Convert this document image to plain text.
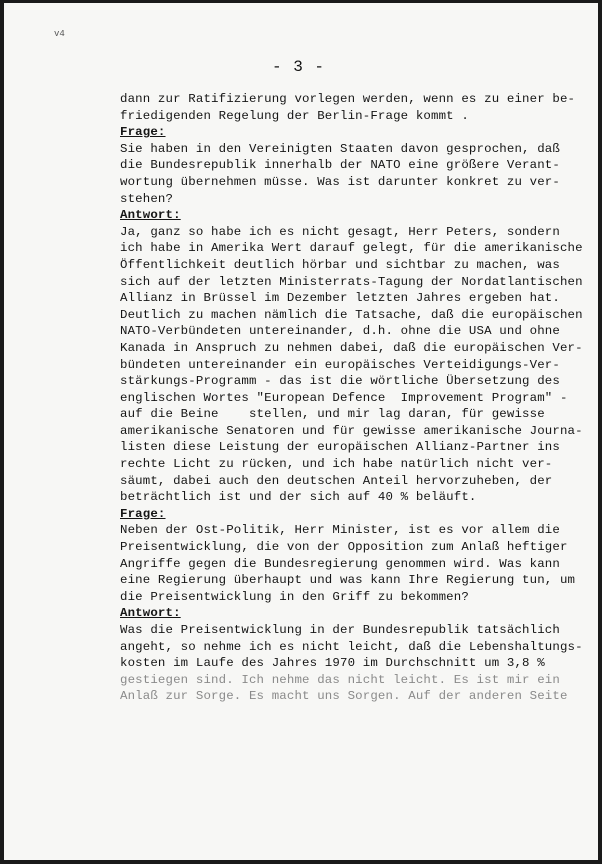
v4
- 3 -
dann zur Ratifizierung vorlegen werden, wenn es zu einer be-
friedigenden Regelung der Berlin-Frage kommt .
Frage:
Sie haben in den Vereinigten Staaten davon gesprochen, daß
die Bundesrepublik innerhalb der NATO eine größere Verant-
wortung übernehmen müsse. Was ist darunter konkret zu ver-
stehen?
Antwort:
Ja, ganz so habe ich es nicht gesagt, Herr Peters, sondern
ich habe in Amerika Wert darauf gelegt, für die amerikanische
Öffentlichkeit deutlich hörbar und sichtbar zu machen, was
sich auf der letzten Ministerrats-Tagung der Nordatlantischen
Allianz in Brüssel im Dezember letzten Jahres ergeben hat.
Deutlich zu machen nämlich die Tatsache, daß die europäischen
NATO-Verbündeten untereinander, d.h. ohne die USA und ohne
Kanada in Anspruch zu nehmen dabei, daß die europäischen Ver-
bündeten untereinander ein europäisches Verteidigungs-Ver-
stärkungs-Programm - das ist die wörtliche Übersetzung des
englischen Wortes "European Defence  Improvement Program" -
auf die Beine    stellen, und mir lag daran, für gewisse
amerikanische Senatoren und für gewisse amerikanische Journa-
listen diese Leistung der europäischen Allianz-Partner ins
rechte Licht zu rücken, und ich habe natürlich nicht ver-
säumt, dabei auch den deutschen Anteil hervorzuheben, der
beträchtlich ist und der sich auf 40 % beläuft.
Frage:
Neben der Ost-Politik, Herr Minister, ist es vor allem die
Preisentwicklung, die von der Opposition zum Anlaß heftiger
Angriffe gegen die Bundesregierung genommen wird. Was kann
eine Regierung überhaupt und was kann Ihre Regierung tun, um
die Preisentwicklung in den Griff zu bekommen?
Antwort:
Was die Preisentwicklung in der Bundesrepublik tatsächlich
angeht, so nehme ich es nicht leicht, daß die Lebenshaltungs-
kosten im Laufe des Jahres 1970 im Durchschnitt um 3,8 %
gestiegen sind. Ich nehme das nicht leicht. Es ist mir ein
Anlaß zur Sorge. Es macht uns Sorgen. Auf der anderen Seite
